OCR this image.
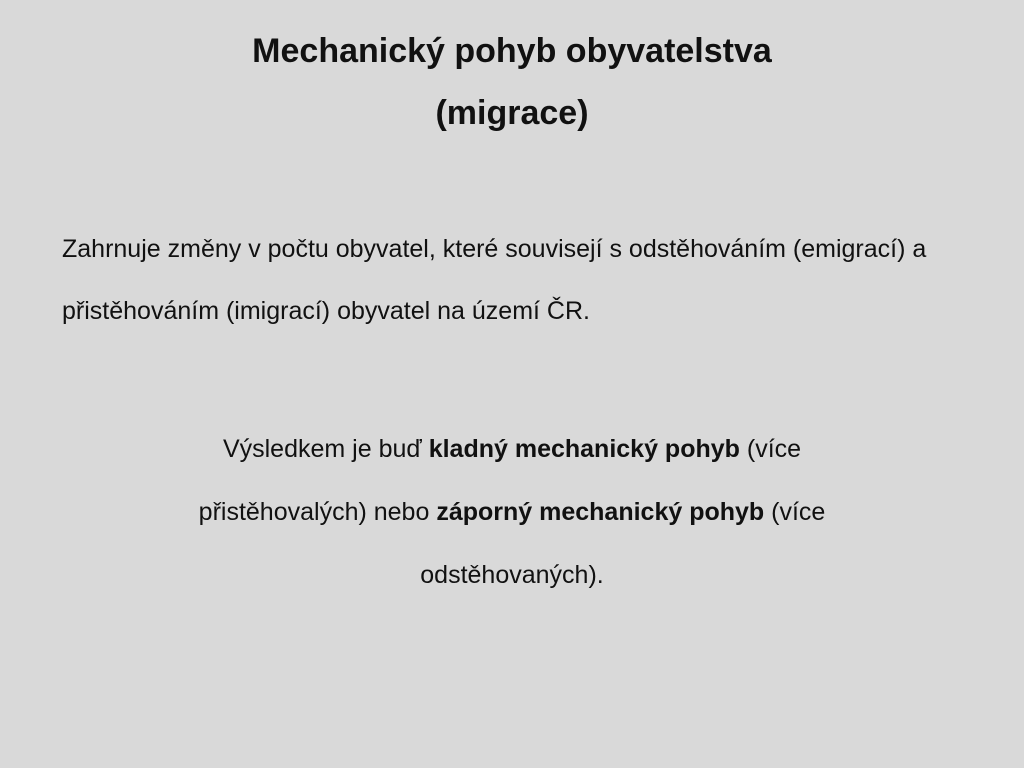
Mechanický pohyb obyvatelstva
(migrace)
Zahrnuje změny v počtu obyvatel, které souvisejí s odstěhováním (emigrací) a přistěhováním (imigrací) obyvatel na území ČR.
Výsledkem je buď kladný mechanický pohyb (více
přistěhovalých) nebo záporný mechanický pohyb (více
odstěhovaných).
